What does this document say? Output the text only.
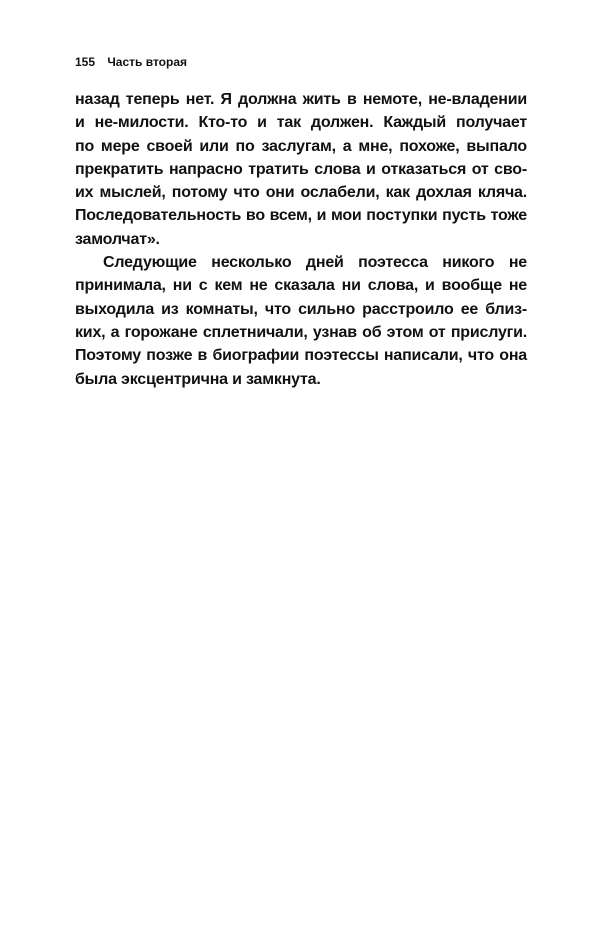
155 Часть вторая
назад теперь нет. Я должна жить в немоте, не-владении
и не-милости. Кто-то и так должен. Каждый получает
по мере своей или по заслугам, а мне, похоже, выпало
прекратить напрасно тратить слова и отказаться от сво-
их мыслей, потому что они ослабели, как дохлая кляча.
Последовательность во всем, и мои поступки пусть тоже
замолчат».
Следующие несколько дней поэтесса никого не
принимала, ни с кем не сказала ни слова, и вообще не
выходила из комнаты, что сильно расстроило ее близ-
ких, а горожане сплетничали, узнав об этом от прислуги.
Поэтому позже в биографии поэтессы написали, что она
была эксцентрична и замкнута.
